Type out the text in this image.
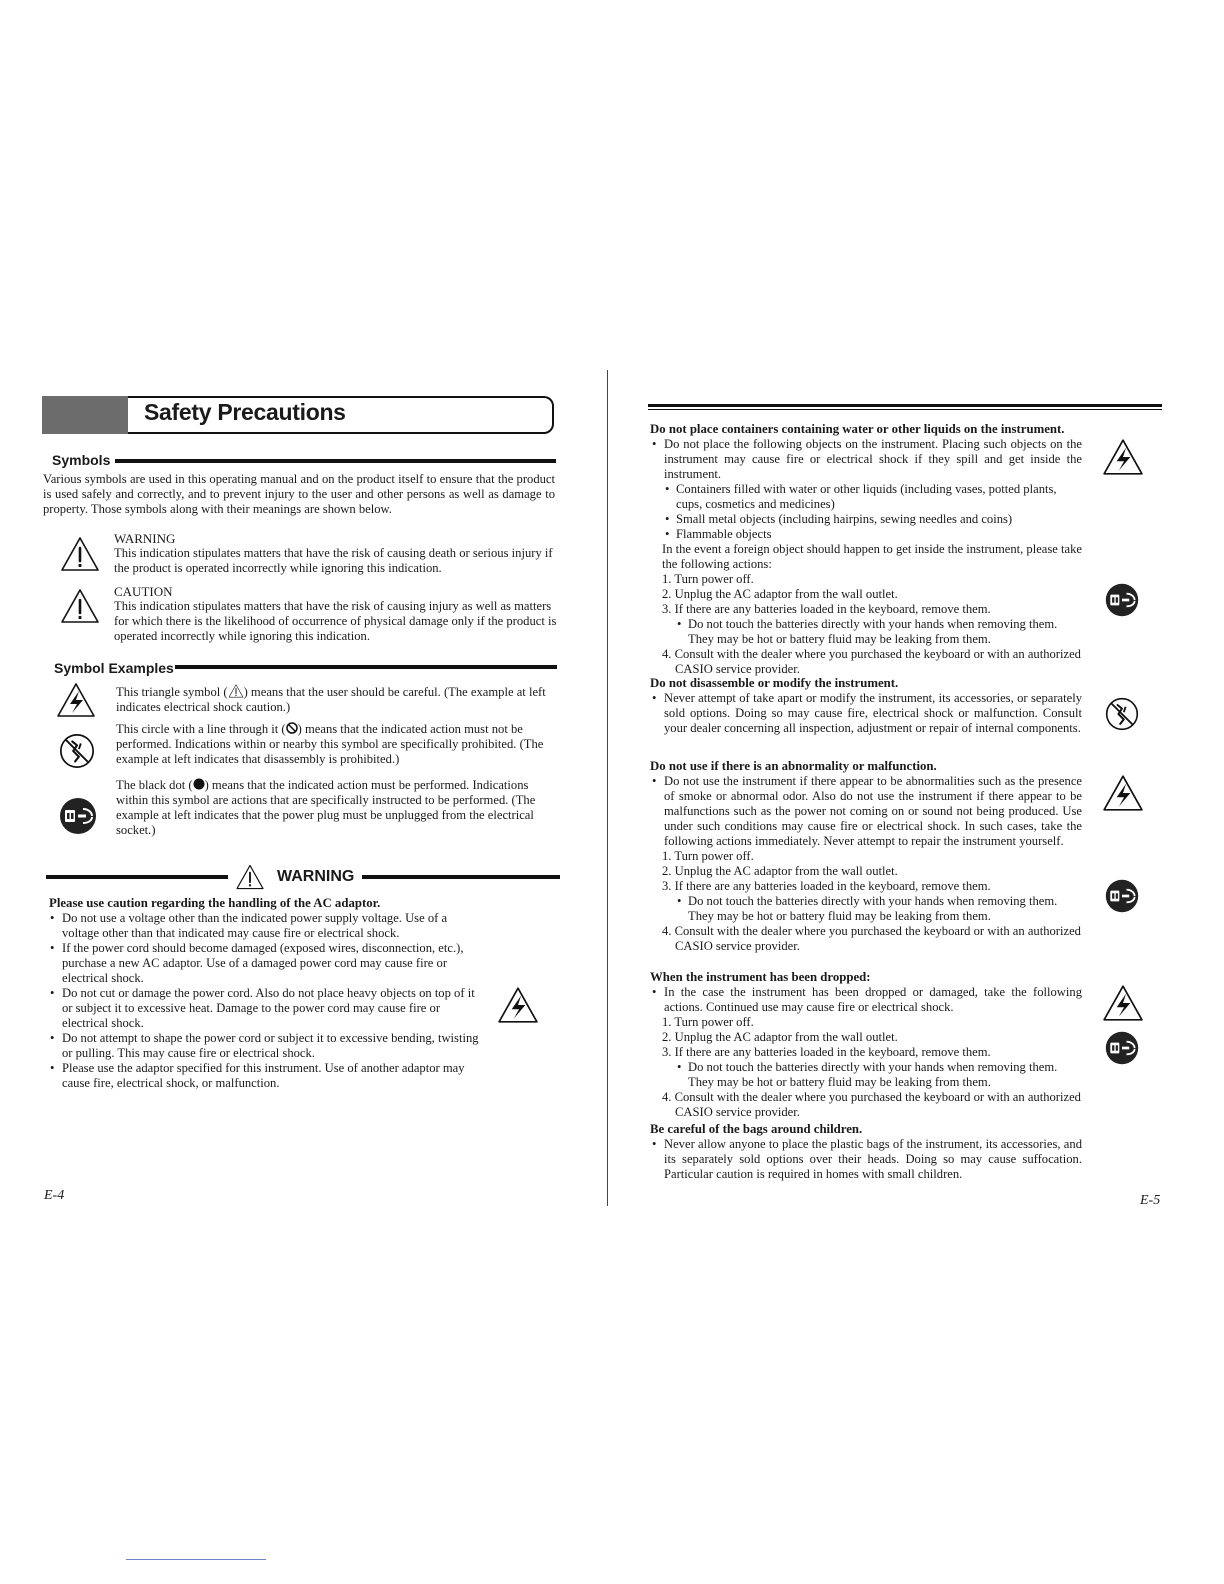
Safety Precautions
Symbols

Various symbols are used in this operating manual and on the product itself to ensure that the product is used safely and correctly, and to prevent injury to the user and other persons as well as damage to property. Those symbols along with their meanings are shown below.

WARNING

This indication stipulates matters that have the risk of causing death or serious injury if the product is operated incorrectly while ignoring this indication.

CAUTION

This indication stipulates matters that have the risk of causing injury as well as matters for which there is the likelihood of occurrence of physical damage only if the product is operated incorrectly while ignoring this indication.

Symbol Examples

This triangle symbol ( ) means that the user should be careful. (The example at left indicates electrical shock caution.)

This circle with a line through it ( ) means that the indicated action must not be performed. Indications within or nearby this symbol are specifically prohibited. (The example at left indicates that disassembly is prohibited.)

The black dot ( ) means that the indicated action must be performed. Indications within this symbol are actions that are specifically instructed to be performed. (The example at left indicates that the power plug must be unplugged from the electrical socket.)

WARNING
Please use caution regarding the handling of the AC adaptor.
• Do not use a voltage other than the indicated power supply voltage. Use of a voltage other than that indicated may cause fire or electrical shock.
• If the power cord should become damaged (exposed wires, disconnection, etc.), purchase a new AC adaptor. Use of a damaged power cord may cause fire or electrical shock.
• Do not cut or damage the power cord. Also do not place heavy objects on top of it or subject it to excessive heat. Damage to the power cord may cause fire or electrical shock.
• Do not attempt to shape the power cord or subject it to excessive bending, twisting or pulling. This may cause fire or electrical shock.
• Please use the adaptor specified for this instrument. Use of another adaptor may cause fire, electrical shock, or malfunction.
E-4
Do not place containers containing water or other liquids on the instrument.
• Do not place the following objects on the instrument. Placing such objects on the instrument may cause fire or electrical shock if they spill and get inside the instrument.
• Containers filled with water or other liquids (including vases, potted plants, cups, cosmetics and medicines)
• Small metal objects (including hairpins, sewing needles and coins)
• Flammable objects

In the event a foreign object should happen to get inside the instrument, please take the following actions:

1. Turn power off.
2. Unplug the AC adaptor from the wall outlet.
3. If there are any batteries loaded in the keyboard, remove them.
• Do not touch the batteries directly with your hands when removing them. They may be hot or battery fluid may be leaking from them.
4. Consult with the dealer where you purchased the keyboard or with an authorized CASIO service provider.
Do not disassemble or modify the instrument.
• Never attempt of take apart or modify the instrument, its accessories, or separately sold options. Doing so may cause fire, electrical shock or malfunction. Consult your dealer concerning all inspection, adjustment or repair of internal components.
Do not use if there is an abnormality or malfunction.
• Do not use the instrument if there appear to be abnormalities such as the presence of smoke or abnormal odor. Also do not use the instrument if there appear to be malfunctions such as the power not coming on or sound not being produced. Use under such conditions may cause fire or electrical shock. In such cases, take the following actions immediately. Never attempt to repair the instrument yourself.
1. Turn power off.
2. Unplug the AC adaptor from the wall outlet.
3. If there are any batteries loaded in the keyboard, remove them.
• Do not touch the batteries directly with your hands when removing them. They may be hot or battery fluid may be leaking from them.
4. Consult with the dealer where you purchased the keyboard or with an authorized CASIO service provider.
When the instrument has been dropped:
• In the case the instrument has been dropped or damaged, take the following actions. Continued use may cause fire or electrical shock.
1. Turn power off.
2. Unplug the AC adaptor from the wall outlet.
3. If there are any batteries loaded in the keyboard, remove them.
• Do not touch the batteries directly with your hands when removing them. They may be hot or battery fluid may be leaking from them.
4. Consult with the dealer where you purchased the keyboard or with an authorized CASIO service provider.
Be careful of the bags around children.
• Never allow anyone to place the plastic bags of the instrument, its accessories, and its separately sold options over their heads. Doing so may cause suffocation. Particular caution is required in homes with small children.
E-5
